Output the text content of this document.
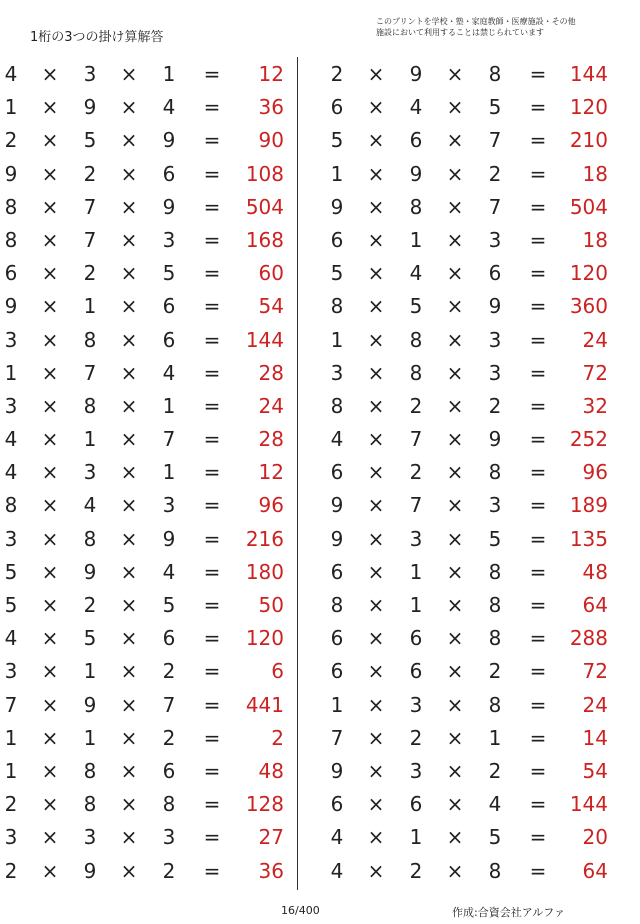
1桁の3つの掛け算解答
このプリントを学校・塾・家庭教師・医療施設・その他
施設において利用することは禁じられています
4 × 3 × 1 =	12
1 × 9 × 4 =	36
2 × 5 × 9 =	90
9 × 2 × 6 =	108
8 × 7 × 9 =	504
8 × 7 × 3 =	168
6 × 2 × 5 =	60
9 × 1 × 6 =	54
3 × 8 × 6 =	144
1 × 7 × 4 =	28
3 × 8 × 1 =	24
4 × 1 × 7 =	28
4 × 3 × 1 =	12
8 × 4 × 3 =	96
3 × 8 × 9 =	216
5 × 9 × 4 =	180
5 × 2 × 5 =	50
4 × 5 × 6 =	120
3 × 1 × 2 =	6
7 × 9 × 7 =	441
1 × 1 × 2 =	2
1 × 8 × 6 =	48
2 × 8 × 8 =	128
3 × 3 × 3 =	27
2 × 9 × 2 =	36
2 × 9 × 8 =	144
6 × 4 × 5 =	120
5 × 6 × 7 =	210
1 × 9 × 2 =	18
9 × 8 × 7 =	504
6 × 1 × 3 =	18
5 × 4 × 6 =	120
8 × 5 × 9 =	360
1 × 8 × 3 =	24
3 × 8 × 3 =	72
8 × 2 × 2 =	32
4 × 7 × 9 =	252
6 × 2 × 8 =	96
9 × 7 × 3 =	189
9 × 3 × 5 =	135
6 × 1 × 8 =	48
8 × 1 × 8 =	64
6 × 6 × 8 =	288
6 × 6 × 2 =	72
1 × 3 × 8 =	24
7 × 2 × 1 =	14
9 × 3 × 2 =	54
6 × 6 × 4 =	144
4 × 1 × 5 =	20
4 × 2 × 8 =	64
16/400	作成:合資会社アルファ
